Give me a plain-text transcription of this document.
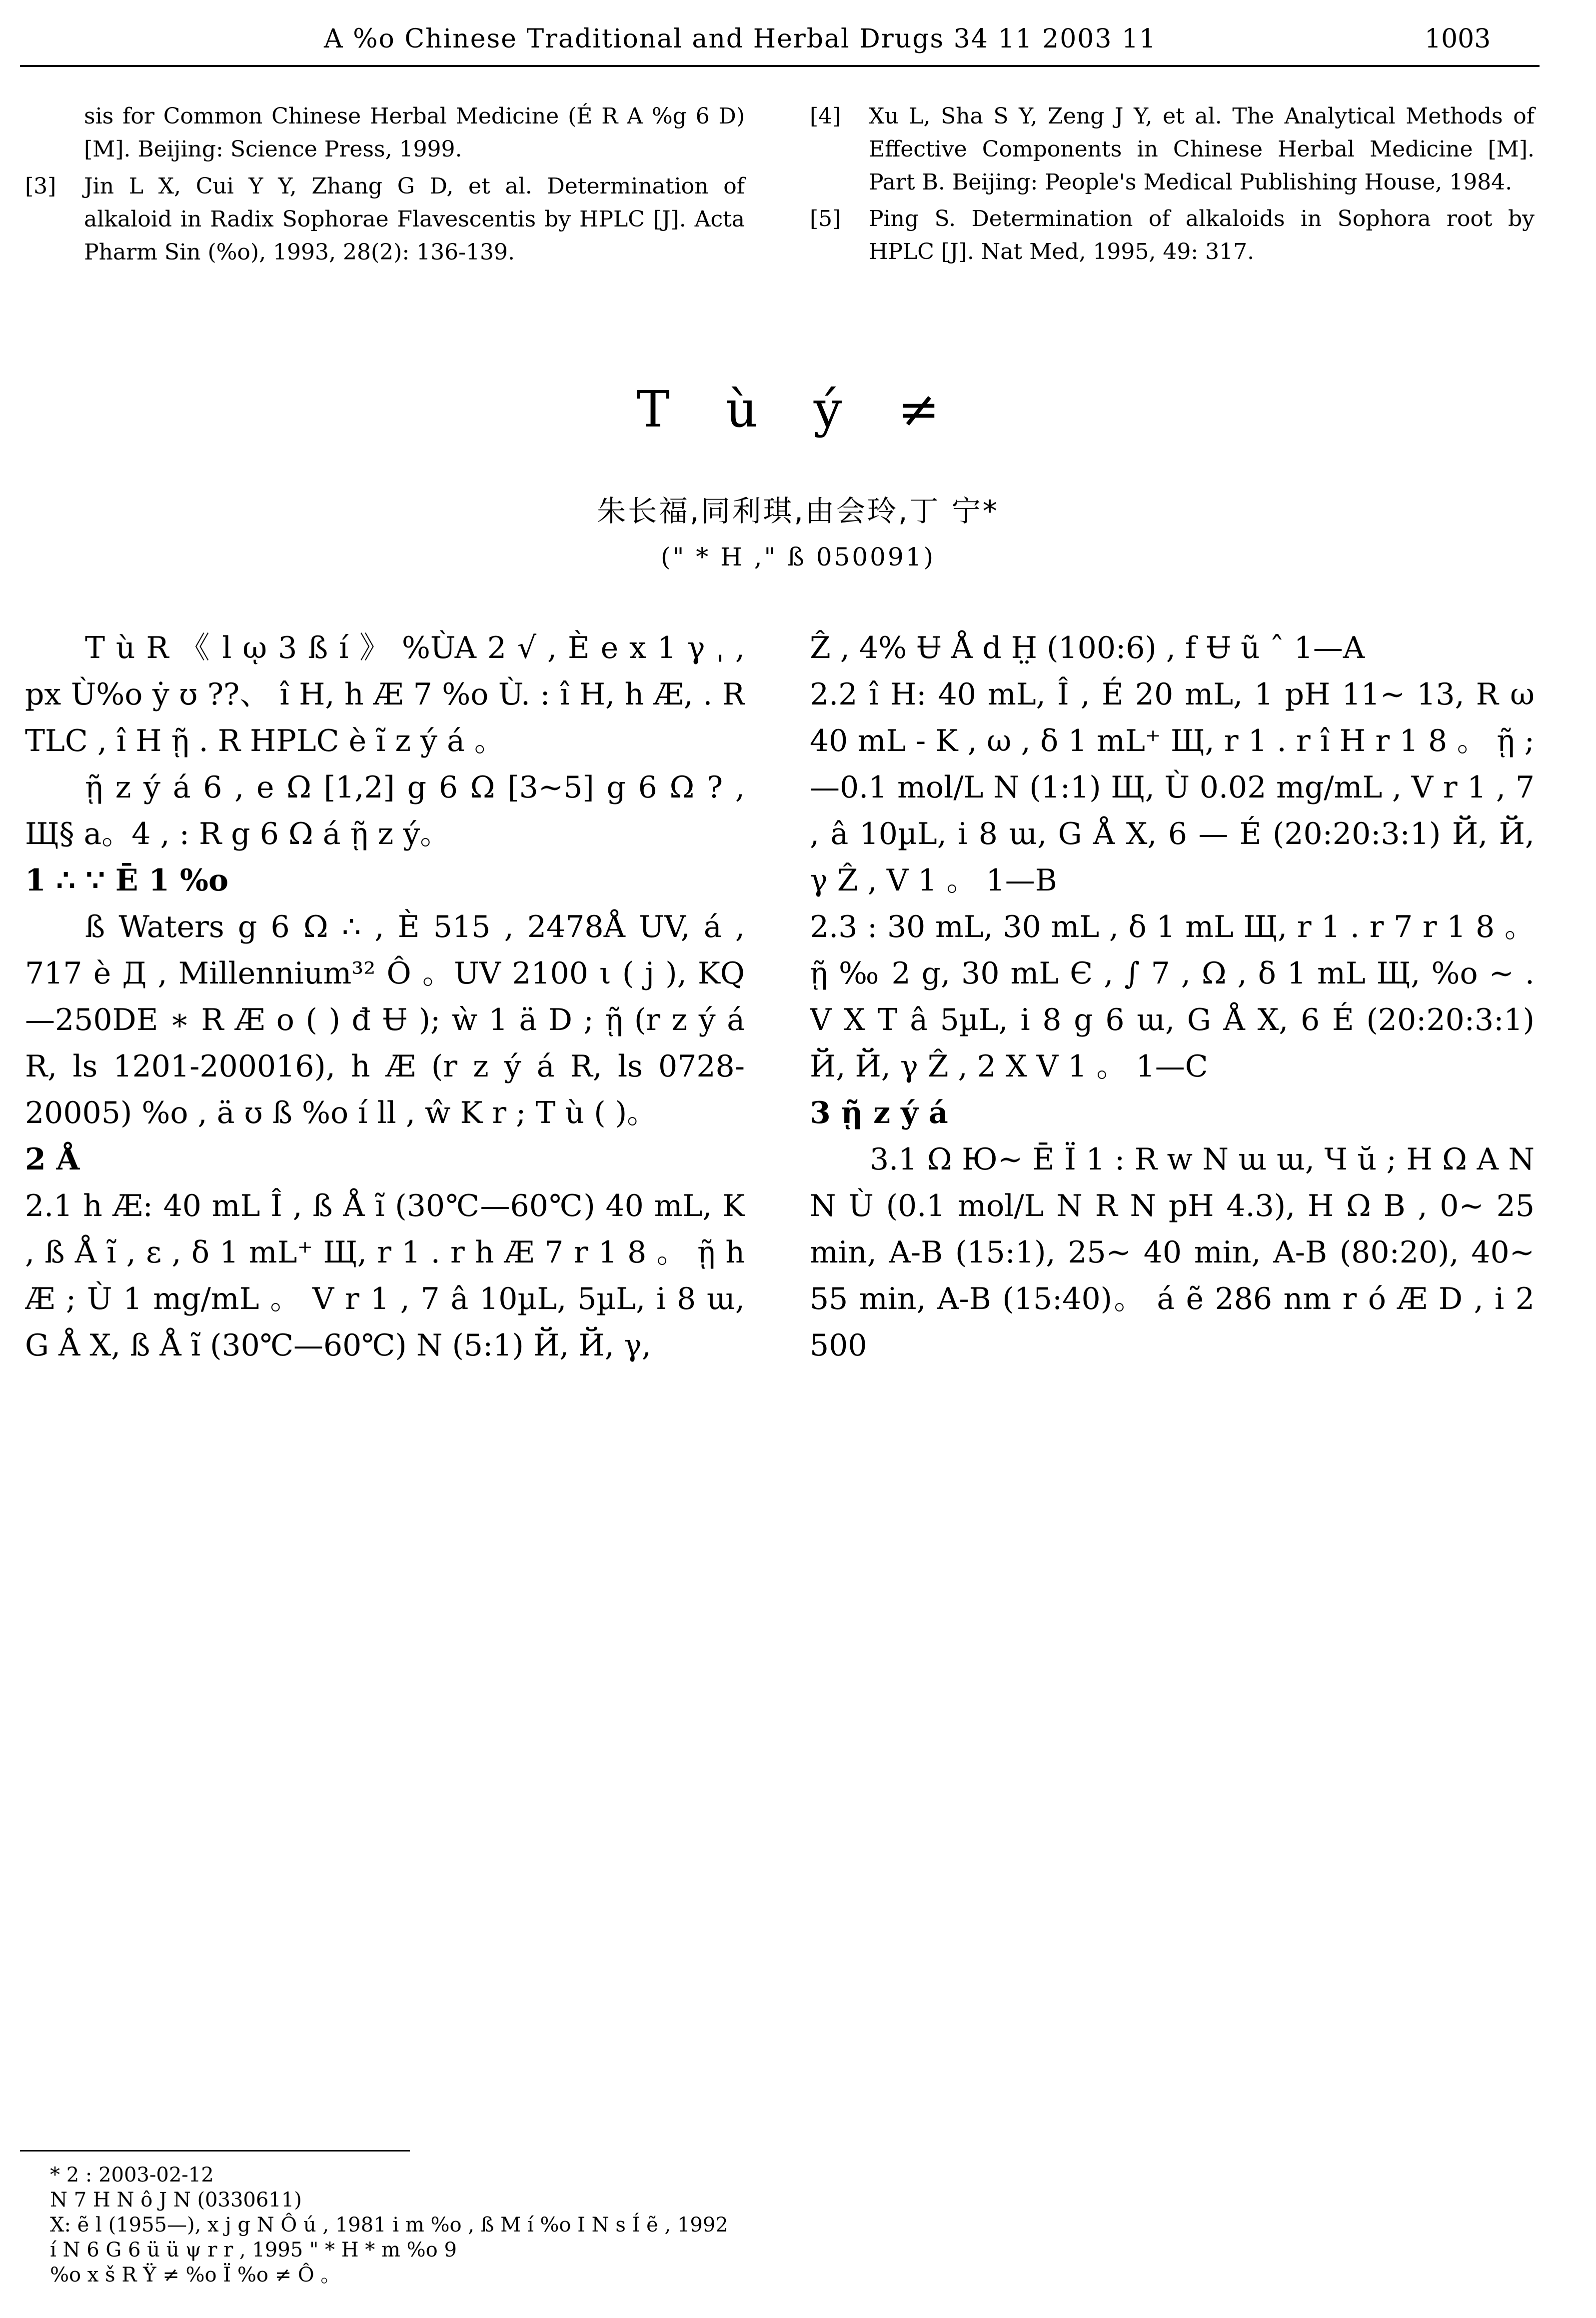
A %o Chinese Traditional and Herbal Drugs 34 11 2003 11	1003
sis for Common Chinese Herbal Medicine (É R A %g 6 D) [M]. Beijing: Science Press, 1999.
[3] Jin L X, Cui Y Y, Zhang G D, et al. Determination of alkaloid in Radix Sophorae Flavescentis by HPLC [J]. Acta Pharm Sin (%o), 1993, 28(2): 136-139.
[4] Xu L, Sha S Y, Zeng J Y, et al. The Analytical Methods of Effective Components in Chinese Herbal Medicine [M]. Part B. Beijing: People's Medical Publishing House, 1984.
[5] Ping S. Determination of alkaloids in Sophora root by HPLC [J]. Nat Med, 1995, 49: 317.
T ù ý ≠
朱长福,同利琪,由会玲,丁 宁*
(" * H ," ß 050091)

T ù R 《 l ῳ 3 ß í 》 %ÙA 2 √ , È e x 1 γ ˌ , px Ù%o ẏ ʊ ??、 î H, h Æ 7 %o Ù. : î H, h Æ, . R TLC , î H ῇ . R HPLC è ĩ z ý á 。

ῇ z ý á 6 , e Ω [1,2] g 6 Ω [3~5] g 6 Ω ? , Щ§ a。4 , : R g 6 Ω á ῇ z ý。

1 ∴ ∵ Ē 1 %o

ß Waters g 6 Ω ∴ , È 515 , 2478Å UV, á , 717 è Д , Millennium³² Ô 。UV 2100 ι ( j ), KQ—250DE ∗ R Æ ο ( ) đ Ʉ ); ẁ 1 ä D ; ῇ (r z ý á R, ls 1201-200016), h Æ (r z ý á R, ls 0728-20005) %o , ä ʊ ß %o í ll , ŵ K r ; T ù ( )。

2 Å

2.1 h Æ: 40 mL Î , ß Å ĩ (30℃—60℃) 40 mL, K , ß Å ĩ , ε , δ 1 mL⁺ Щ, r 1 . r h Æ 7 r 1 8 。 ῇ h Æ ; Ù 1 mg/mL 。 V r 1 , 7 â 10µL, 5µL, i 8 ɯ, G Å X, ß Å ĩ (30℃—60℃) N (5:1) Й, Й, γ,

Ẑ , 4% Ʉ Å d H̤ (100:6) , f Ʉ ũ ˆ 1—A

2.2 î H: 40 mL, Î , É 20 mL, 1 pH 11~ 13, R ω 40 mL - K , ω , δ 1 mL⁺ Щ, r 1 . r î H r 1 8 。 ῇ ; —0.1 mol/L N (1:1) Щ, Ù 0.02 mg/mL , V r 1 , 7 , â 10µL, i 8 ɯ, G Å X, 6 — É (20:20:3:1) Й, Й, γ Ẑ , V 1 。 1—B

2.3 : 30 mL, 30 mL , δ 1 mL Щ, r 1 . r 7 r 1 8 。 ῇ ‰ 2 g, 30 mL Є , ∫ 7 , Ω , δ 1 mL Щ, %o ~ . V X T â 5µL, i 8 g 6 ɯ, G Å X, 6 É (20:20:3:1) Й, Й, γ Ẑ , 2 X V 1 。 1—C

3 ῇ z ý á

3.1 Ω Ю~ Ē Ï 1 : R w N ɯ ɯ, Ч ŭ ; H Ω A N N Ù (0.1 mol/L N R N pH 4.3), H Ω B , 0~ 25 min, A-B (15:1), 25~ 40 min, A-B (80:20), 40~ 55 min, A-B (15:40)。 á ẽ 286 nm r ó Æ D , i 2 500

* 2 : 2003-02-12

N 7 H N ô J N (0330611)

X: ẽ l (1955—), x j g N Ô ú , 1981 i m %o , ß M í %o I N s Í ẽ , 1992

í N 6 G 6 ü ü ψ r r , 1995 " * H * m %o 9

%o x š R Ÿ ≠ %o Ï %o ≠ Ô 。
